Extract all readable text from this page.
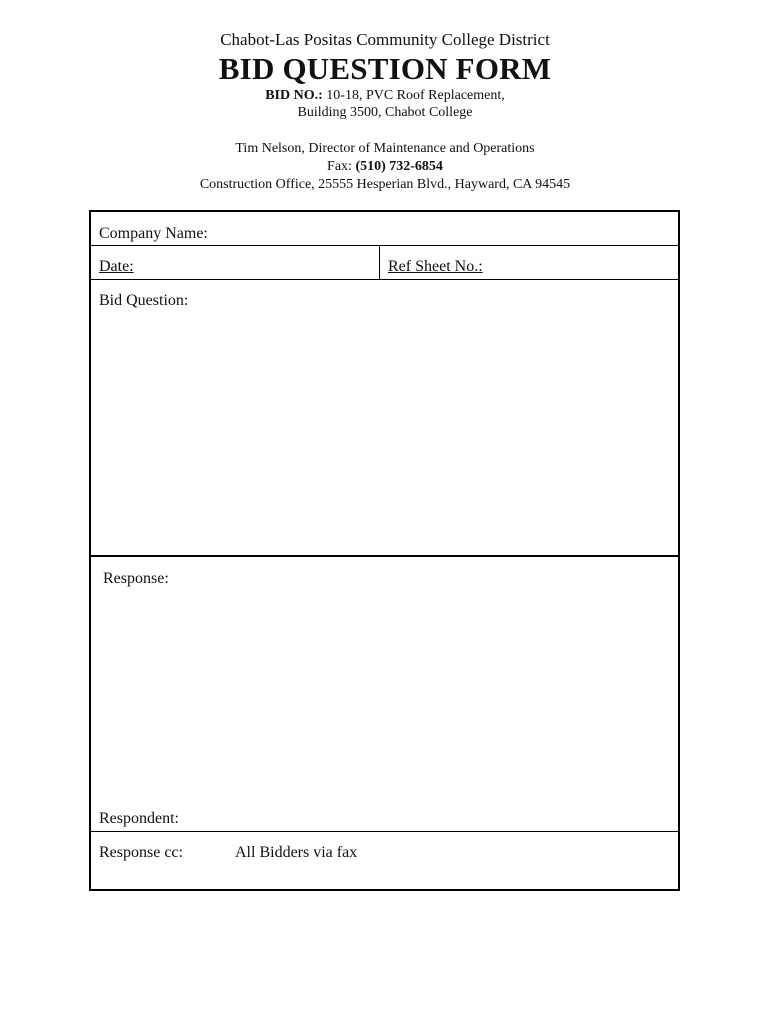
Chabot-Las Positas Community College District
BID QUESTION FORM
BID NO.: 10-18, PVC Roof Replacement,
Building 3500, Chabot College
Tim Nelson, Director of Maintenance and Operations
Fax: (510) 732-6854
Construction Office, 25555 Hesperian Blvd., Hayward, CA 94545
Company Name:
Date:	Ref Sheet No.:
Bid Question:
Response:
Respondent:
Response cc:	All Bidders via fax
